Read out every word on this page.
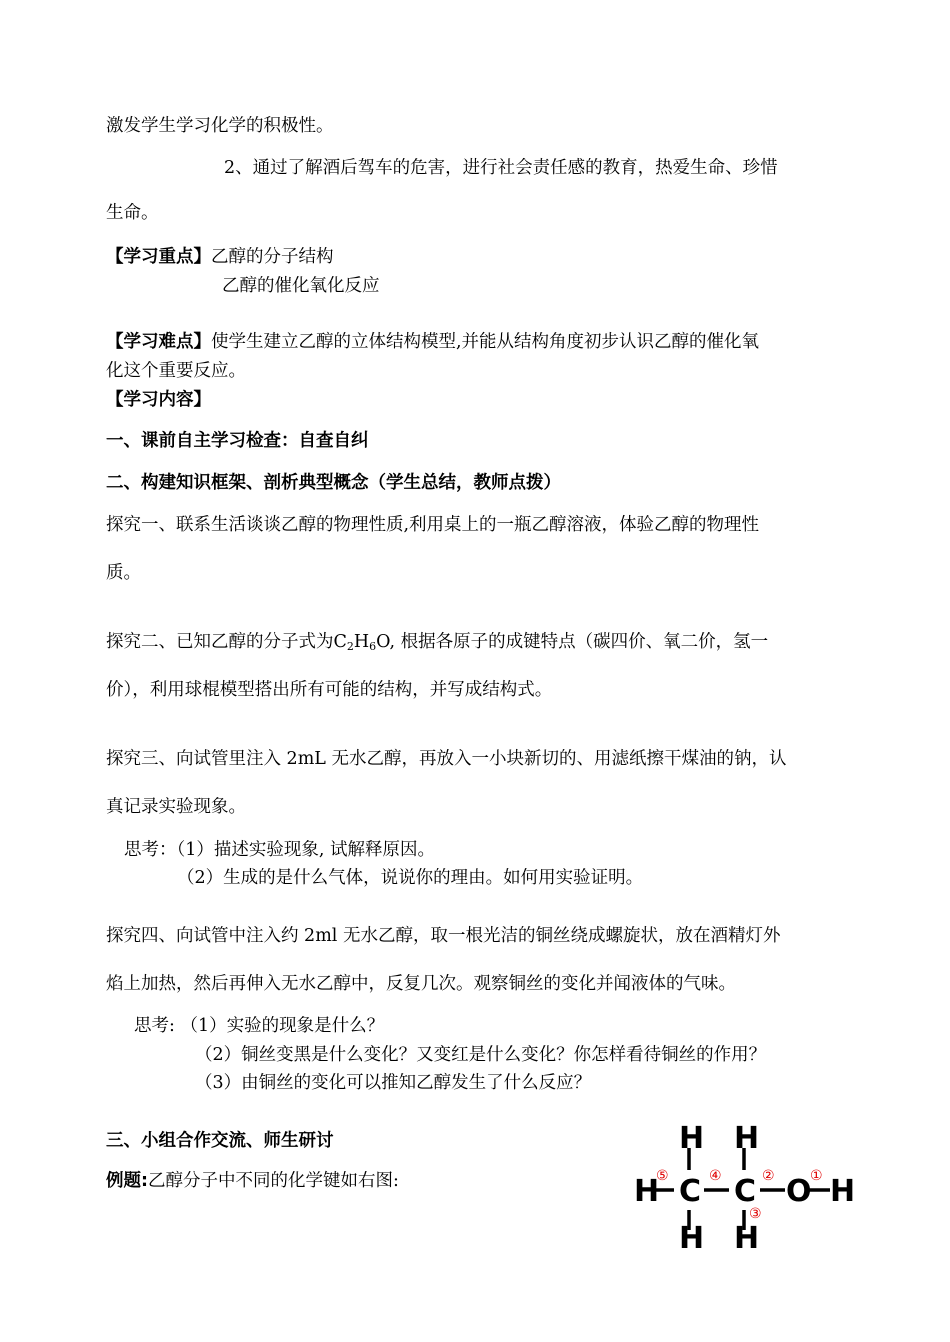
激发学生学习化学的积极性。
2、通过了解酒后驾车的危害，进行社会责任感的教育，热爱生命、珍惜
生命。
【学习重点】乙醇的分子结构
乙醇的催化氧化反应
【学习难点】使学生建立乙醇的立体结构模型,并能从结构角度初步认识乙醇的催化氧
化这个重要反应。
【学习内容】
一、课前自主学习检查：自查自纠
二、构建知识框架、剖析典型概念（学生总结，教师点拨）
探究一、联系生活谈谈乙醇的物理性质,利用桌上的一瓶乙醇溶液，体验乙醇的物理性
质。
探究二、已知乙醇的分子式为$C_2H_6O$, 根据各原子的成键特点（碳四价、氧二价，氢一
价），利用球棍模型搭出所有可能的结构，并写成结构式。
探究三、向试管里注入 2mL 无水乙醇，再放入一小块新切的、用滤纸擦干煤油的钠，认
真记录实验现象。
思考：（1）描述实验现象, 试解释原因。
（2）生成的是什么气体，说说你的理由。如何用实验证明。
探究四、向试管中注入约 2ml 无水乙醇，取一根光洁的铜丝绕成螺旋状，放在酒精灯外
焰上加热，然后再伸入无水乙醇中，反复几次。观察铜丝的变化并闻液体的气味。
思考: （1）实验的现象是什么？
（2）铜丝变黑是什么变化？又变红是什么变化？你怎样看待铜丝的作用？
（3）由铜丝的变化可以推知乙醇发生了什么反应？
三、小组合作交流、师生研讨
例题:乙醇分子中不同的化学键如右图:
H H
H C C O H
H H
①
②
③
④
⑤
